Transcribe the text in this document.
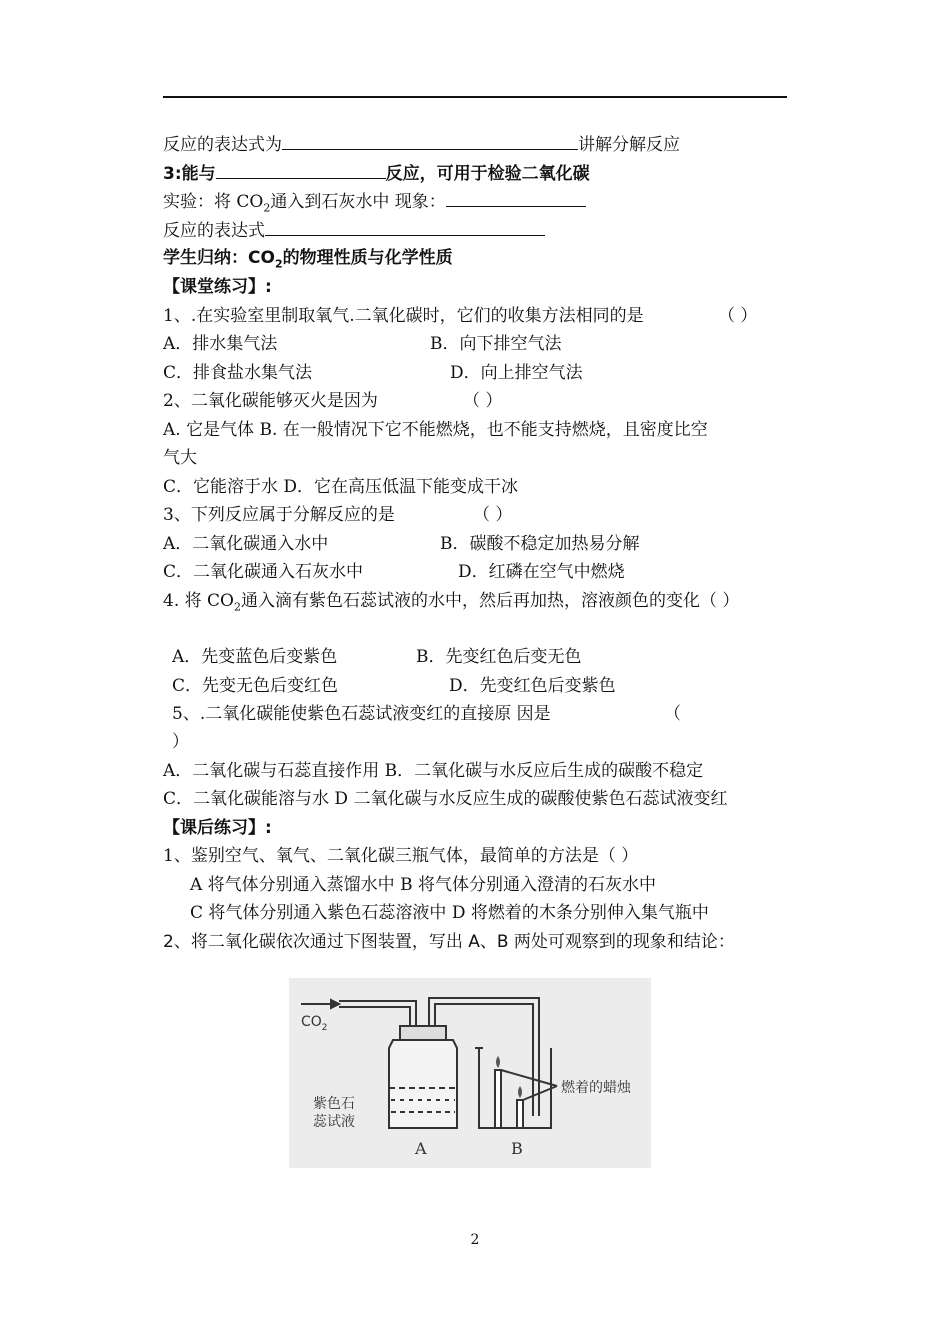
反应的表达式为	讲解分解反应
3:能与	反应，可用于检验二氧化碳
实验：将 $CO_2$通入到石灰水中 现象：
反应的表达式
学生归纳：$CO_2$的物理性质与化学性质
【课堂练习】:
1、.在实验室里制取氧气.二氧化碳时，它们的收集方法相同的是	（ ）
A．排水集气法	B．向下排空气法
C．排食盐水集气法	D．向上排空气法
2、二氧化碳能够灭火是因为	（ ）
A. 它是气体 B. 在一般情况下它不能燃烧，也不能支持燃烧，且密度比空
气大
C．它能溶于水 D．它在高压低温下能变成干冰
3、下列反应属于分解反应的是	（ ）
A．二氧化碳通入水中	B．碳酸不稳定加热易分解
C．二氧化碳通入石灰水中	D．红磷在空气中燃烧
4. 将 $CO_2$通入滴有紫色石蕊试液的水中，然后再加热，溶液颜色的变化（ ）
A．先变蓝色后变紫色	B．先变红色后变无色
C．先变无色后变红色	D．先变红色后变紫色
5、.二氧化碳能使紫色石蕊试液变红的直接原 因是	（
）
A．二氧化碳与石蕊直接作用 B．二氧化碳与水反应后生成的碳酸不稳定
C．二氧化碳能溶与水 D 二氧化碳与水反应生成的碳酸使紫色石蕊试液变红
【课后练习】:
1、鉴别空气、氧气、二氧化碳三瓶气体，最简单的方法是（ ）
A 将气体分别通入蒸馏水中 B 将气体分别通入澄清的石灰水中
C 将气体分别通入紫色石蕊溶液中 D 将燃着的木条分别伸入集气瓶中
2、将二氧化碳依次通过下图装置，写出 A、B 两处可观察到的现象和结论：
$CO_2$
紫色石
蕊试液
燃着的蜡烛
A	B
2
